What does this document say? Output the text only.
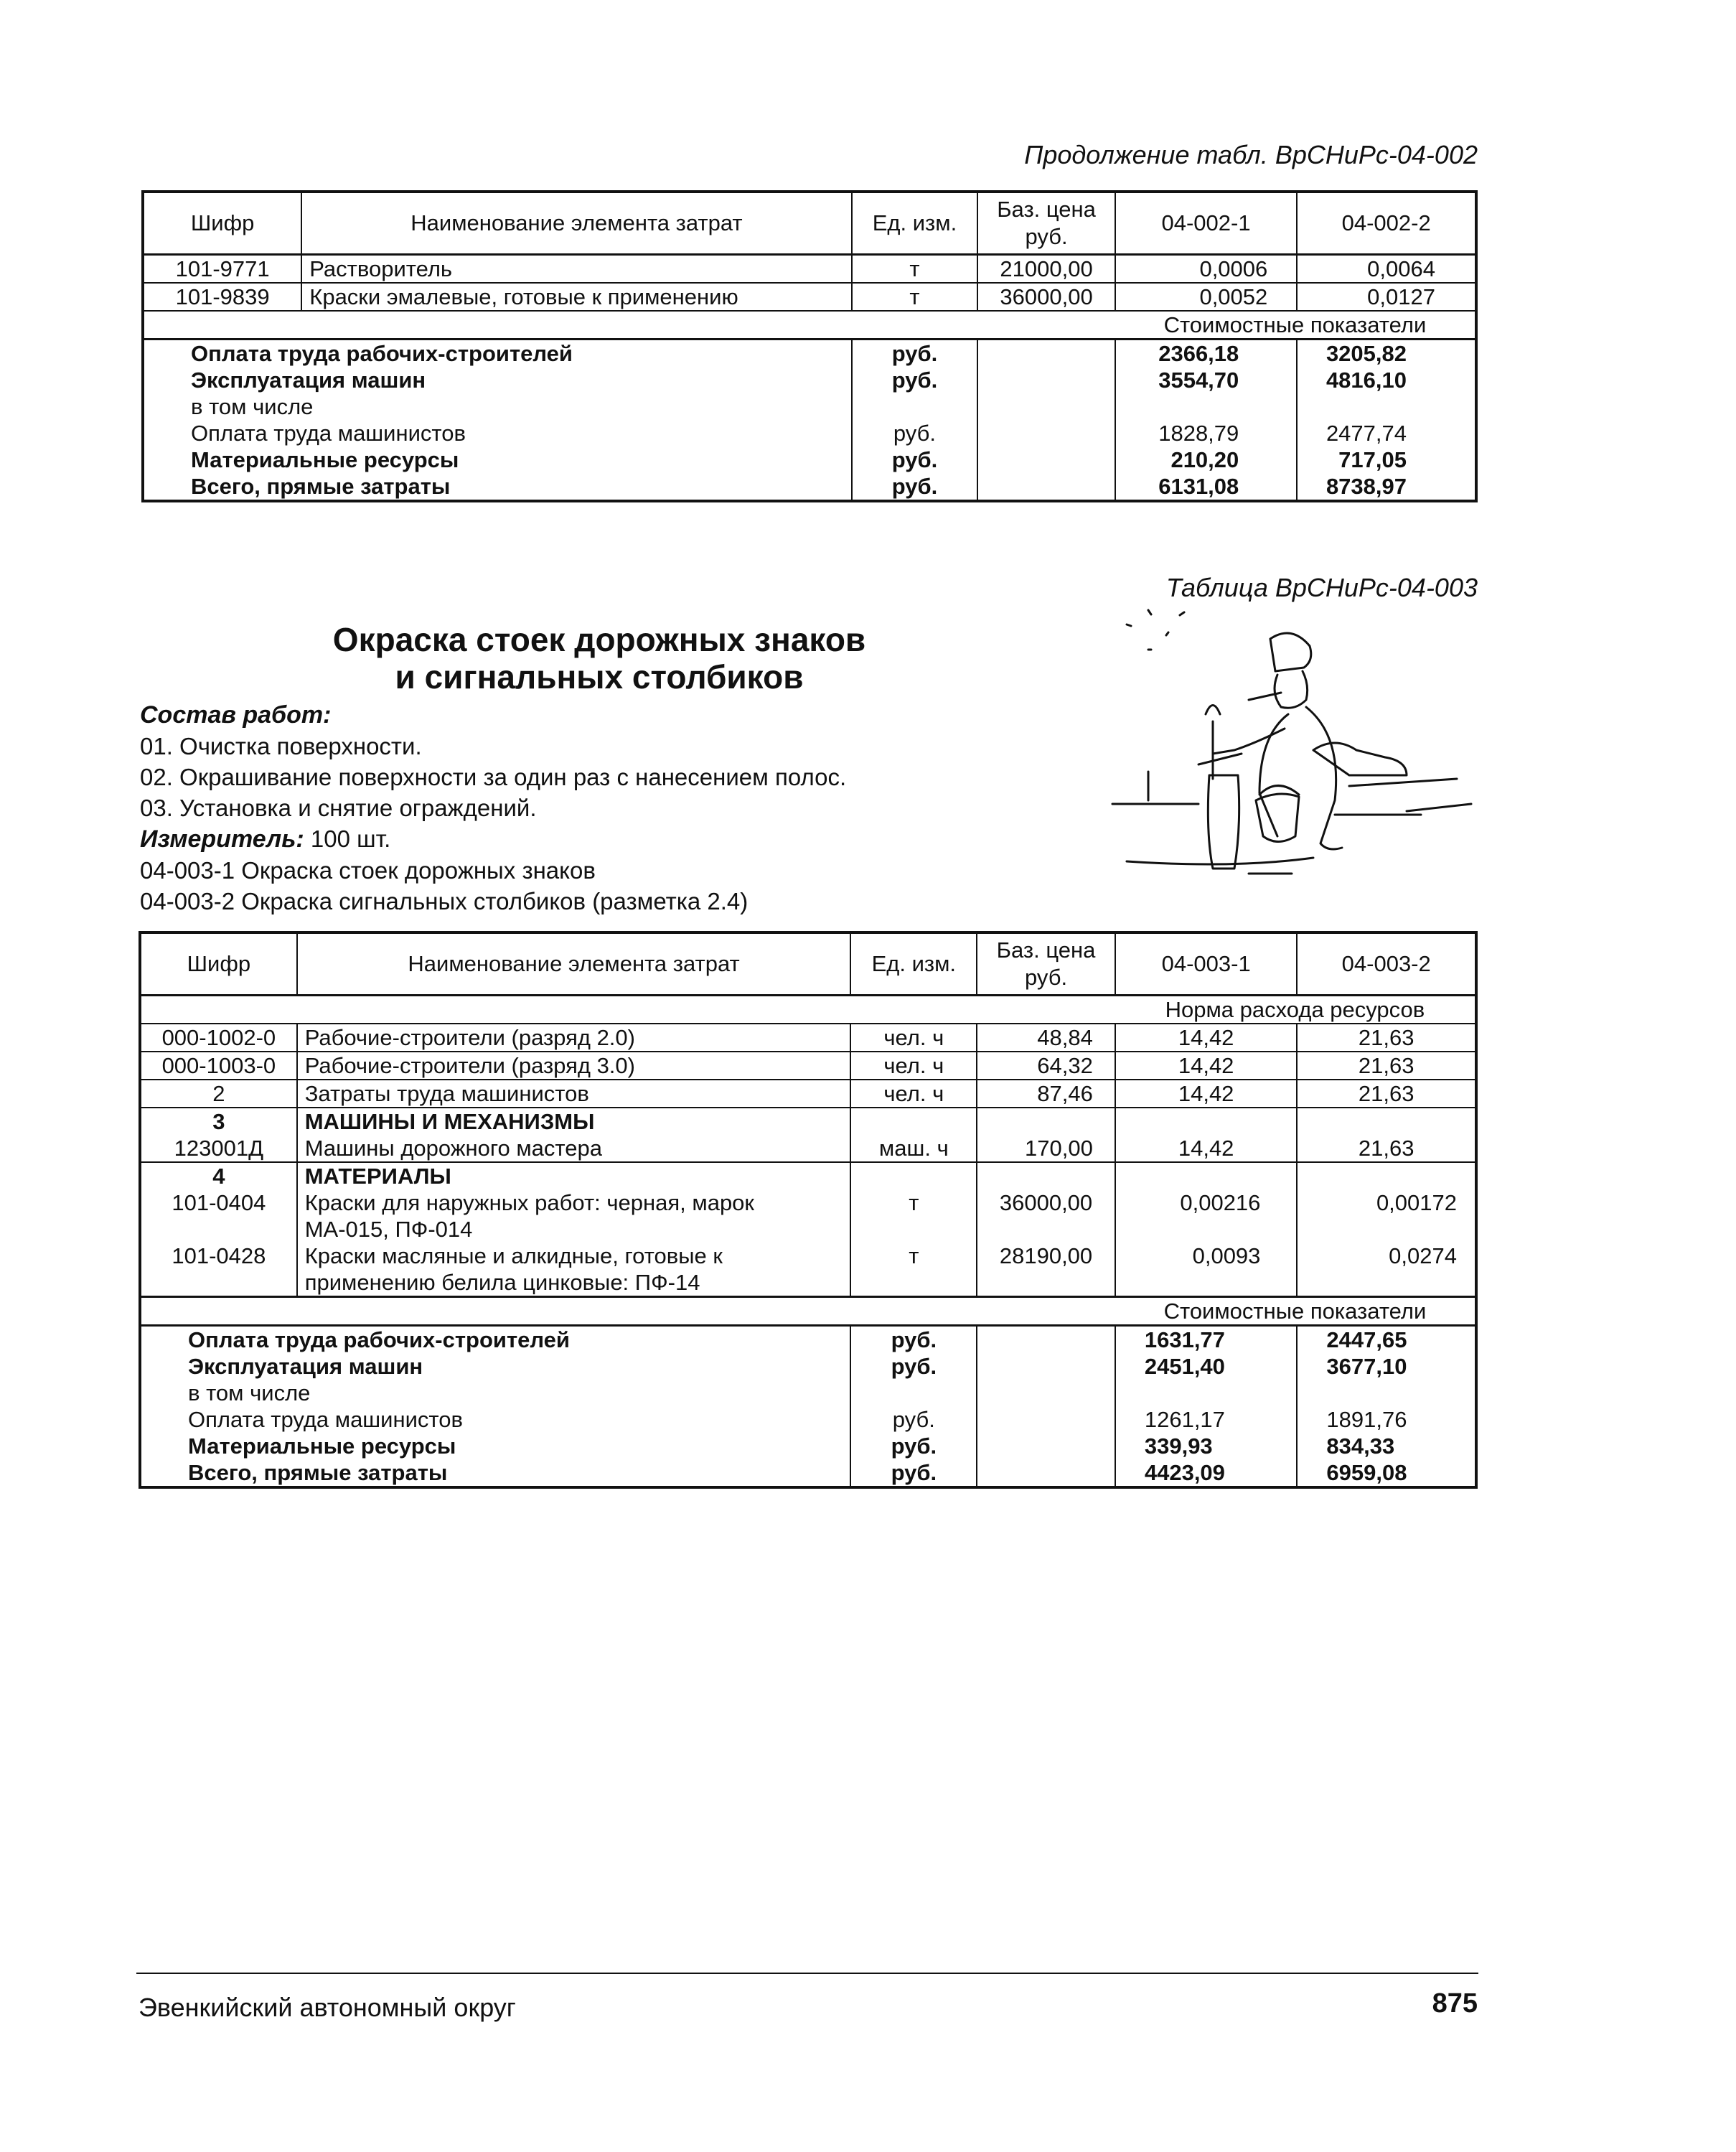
Продолжение табл. ВрСНиРс-04-002
Шифр	Наименование элемента затрат	Ед. изм.	Баз. цена руб.	04-002-1	04-002-2
101-9771	Растворитель	т	21000,00	0,0006	0,0064
101-9839	Краски эмалевые, готовые к применению	т	36000,00	0,0052	0,0127
				Стоимостные показатели	
Оплата труда рабочих-строителей		руб.		2366,18	3205,82
Эксплуатация машин		руб.		3554,70	4816,10
в том числе					
Оплата труда машинистов		руб.		1828,79	2477,74
Материальные ресурсы		руб.		210,20	717,05
Всего, прямые затраты		руб.		6131,08	8738,97
Таблица ВрСНиРс-04-003
Окраска стоек дорожных знаков
и сигнальных столбиков
Состав работ:
01. Очистка поверхности.
02. Окрашивание поверхности за один раз с нанесением полос.
03. Установка и снятие ограждений.
Измеритель: 100 шт.
04-003-1 Окраска стоек дорожных знаков
04-003-2 Окраска сигнальных столбиков (разметка 2.4)
Шифр	Наименование элемента затрат	Ед. изм.	Баз. цена руб.	04-003-1	04-003-2
				Норма расхода ресурсов	
000-1002-0	Рабочие-строители (разряд 2.0)	чел. ч	48,84	14,42	21,63
000-1003-0	Рабочие-строители (разряд 3.0)	чел. ч	64,32	14,42	21,63
2	Затраты труда машинистов	чел. ч	87,46	14,42	21,63
3	МАШИНЫ И МЕХАНИЗМЫ				
123001Д	Машины дорожного мастера	маш. ч	170,00	14,42	21,63
4	МАТЕРИАЛЫ				
101-0404	Краски для наружных работ: черная, марок МА-015, ПФ-014	т	36000,00	0,00216	0,00172
101-0428	Краски масляные и алкидные, готовые к применению белила цинковые: ПФ-14	т	28190,00	0,0093	0,0274
				Стоимостные показатели	
Оплата труда рабочих-строителей		руб.		1631,77	2447,65
Эксплуатация машин		руб.		2451,40	3677,10
в том числе					
Оплата труда машинистов		руб.		1261,17	1891,76
Материальные ресурсы		руб.		339,93	834,33
Всего, прямые затраты		руб.		4423,09	6959,08
Эвенкийский автономный округ	875
